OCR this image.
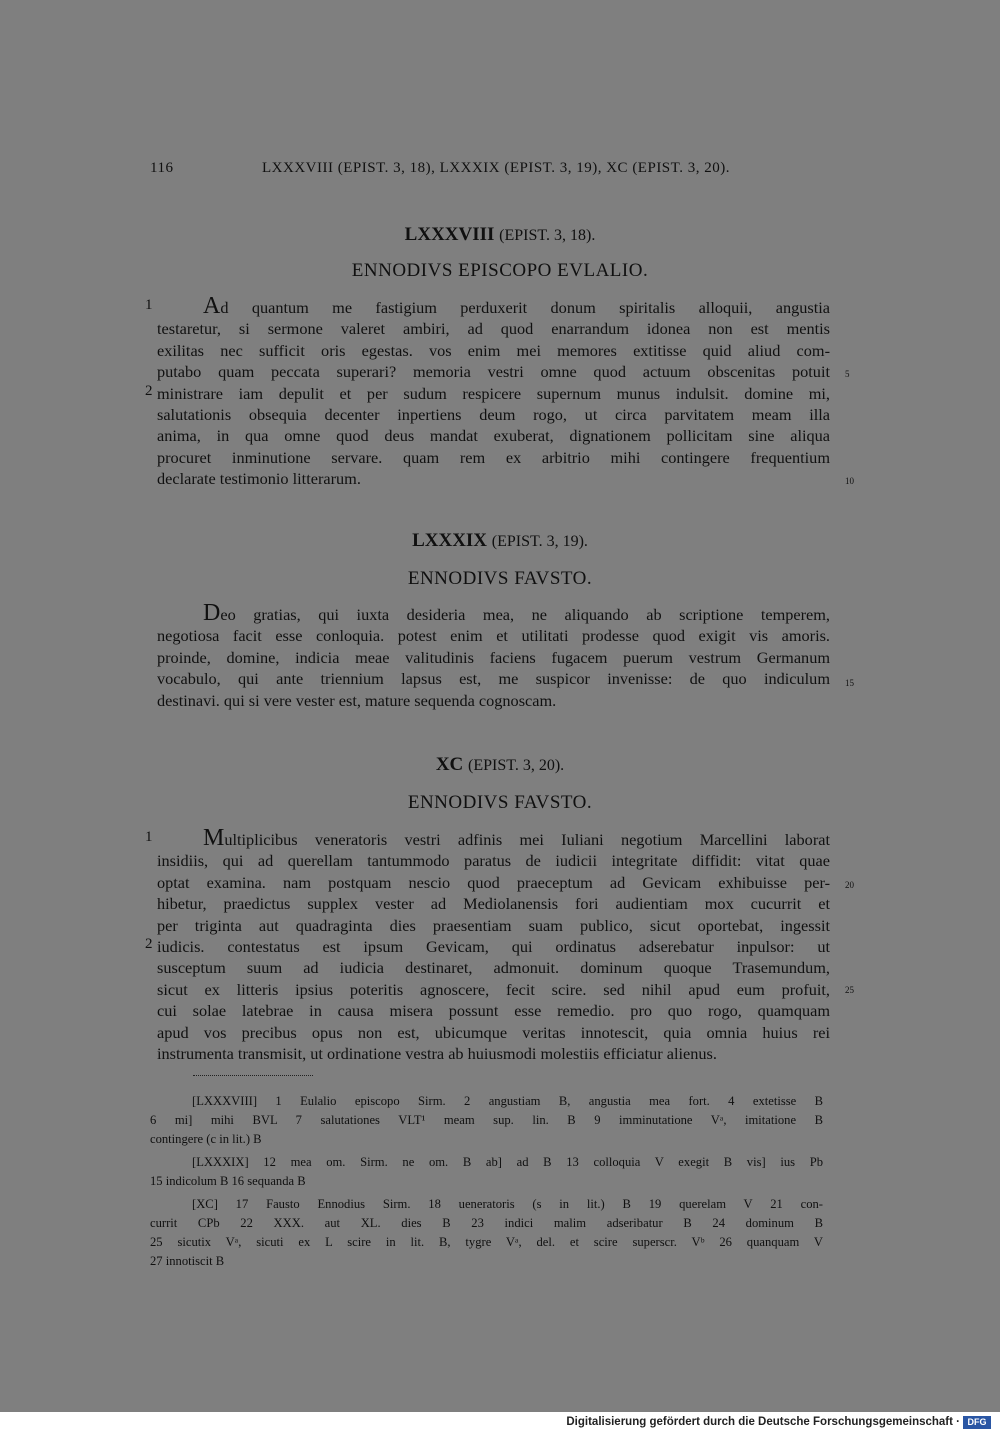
116	LXXXVIII (EPIST. 3, 18), LXXXIX (EPIST. 3, 19), XC (EPIST. 3, 20).
LXXXVIII (EPIST. 3, 18).
ENNODIVS EPISCOPO EVLALIO.
Ad quantum me fastigium perduxerit donum spiritalis alloquii, angustia
testaretur, si sermone valeret ambiri, ad quod enarrandum idonea non est mentis
exilitas nec sufficit oris egestas. vos enim mei memores extitisse quid aliud com-
putabo quam peccata superari? memoria vestri omne quod actuum obscenitas potuit
ministrare iam depulit et per sudum respicere supernum munus indulsit. domine mi,
salutationis obsequia decenter inpertiens deum rogo, ut circa parvitatem meam illa
anima, in qua omne quod deus mandat exuberat, dignationem pollicitam sine aliqua
procuret inminutione servare. quam rem ex arbitrio mihi contingere frequentium
declarate testimonio litterarum.
1
2
5
10
LXXXIX (EPIST. 3, 19).
ENNODIVS FAVSTO.
Deo gratias, qui iuxta desideria mea, ne aliquando ab scriptione temperem,
negotiosa facit esse conloquia. potest enim et utilitati prodesse quod exigit vis amoris.
proinde, domine, indicia meae valitudinis faciens fugacem puerum vestrum Germanum
vocabulo, qui ante triennium lapsus est, me suspicor invenisse: de quo indiculum
destinavi. qui si vere vester est, mature sequenda cognoscam.
15
XC (EPIST. 3, 20).
ENNODIVS FAVSTO.
Multiplicibus veneratoris vestri adfinis mei Iuliani negotium Marcellini laborat
insidiis, qui ad querellam tantummodo paratus de iudicii integritate diffidit: vitat quae
optat examina. nam postquam nescio quod praeceptum ad Gevicam exhibuisse per-
hibetur, praedictus supplex vester ad Mediolanensis fori audientiam mox cucurrit et
per triginta aut quadraginta dies praesentiam suam publico, sicut oportebat, ingessit
iudicis. contestatus est ipsum Gevicam, qui ordinatus adserebatur inpulsor: ut
susceptum suum ad iudicia destinaret, admonuit. dominum quoque Trasemundum,
sicut ex litteris ipsius poteritis agnoscere, fecit scire. sed nihil apud eum profuit,
cui solae latebrae in causa misera possunt esse remedio. pro quo rogo, quamquam
apud vos precibus opus non est, ubicumque veritas innotescit, quia omnia huius rei
instrumenta transmisit, ut ordinatione vestra ab huiusmodi molestiis efficiatur alienus.
1
2
20
25

[LXXXVIII] 1 Eulalio episcopo Sirm. 2 angustiam B, angustia mea fort. 4 extetisse B
6 mi] mihi BVL 7 salutationes VLT¹ meam sup. lin. B 9 imminutatione Vᵃ, imitatione B
contingere (c in lit.) B

[LXXXIX] 12 mea om. Sirm. ne om. B ab] ad B 13 colloquia V exegit B vis] ius Pb
15 indicolum B 16 sequanda B

[XC] 17 Fausto Ennodius Sirm. 18 ueneratoris (s in lit.) B 19 querelam V 21 con-
currit CPb 22 XXX. aut XL. dies B 23 indici malim adseribatur B 24 dominum B
25 sicutix Vᵃ, sicuti ex L scire in lit. B, tygre Vᵃ, del. et scire superscr. Vᵇ 26 quanquam V
27 innotiscit B

Digitalisierung gefördert durch die Deutsche Forschungsgemeinschaft · DFG
